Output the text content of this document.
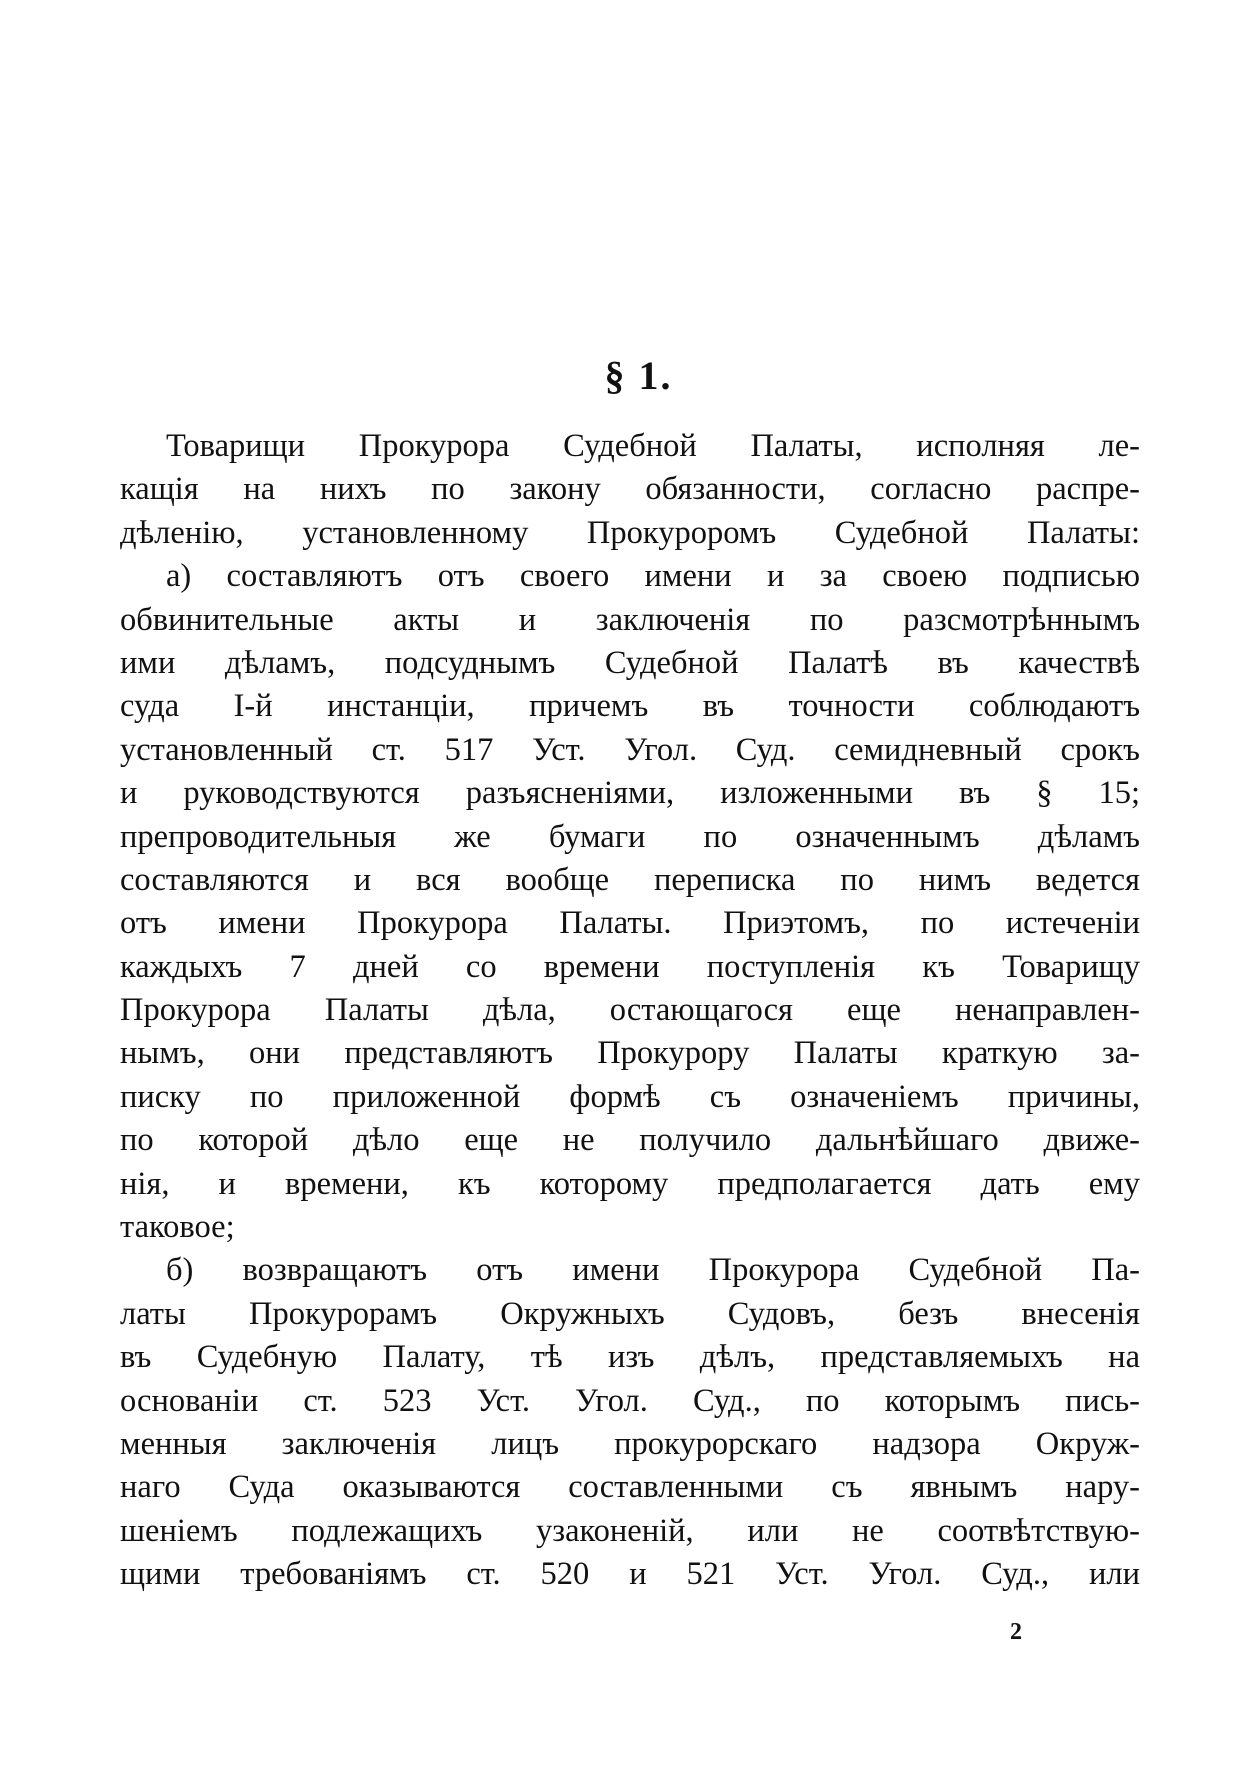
§ 1.
Товарищи Прокурора Судебной Палаты, исполняя ле-
кащія на нихъ по закону обязанности, согласно распре-
дѣленію, установленному Прокуроромъ Судебной Палаты:
а) составляютъ отъ своего имени и за своею подписью
обвинительные акты и заключенія по разсмотрѣннымъ
ими дѣламъ, подсуднымъ Судебной Палатѣ въ качествѣ
суда I-й инстанціи, причемъ въ точности соблюдаютъ
установленный ст. 517 Уст. Угол. Суд. семидневный срокъ
и руководствуются разъясненіями, изложенными въ § 15;
препроводительныя же бумаги по означеннымъ дѣламъ
составляются и вся вообще переписка по нимъ ведется
отъ имени Прокурора Палаты. Приэтомъ, по истеченіи
каждыхъ 7 дней со времени поступленія къ Товарищу
Прокурора Палаты дѣла, остающагося еще ненаправлен-
нымъ, они представляютъ Прокурору Палаты краткую за-
писку по приложенной формѣ съ означеніемъ причины,
по которой дѣло еще не получило дальнѣйшаго движе-
нія, и времени, къ которому предполагается дать ему
таковое;
б) возвращаютъ отъ имени Прокурора Судебной Па-
латы Прокурорамъ Окружныхъ Судовъ, безъ внесенія
въ Судебную Палату, тѣ изъ дѣлъ, представляемыхъ на
основаніи ст. 523 Уст. Угол. Суд., по которымъ пись-
менныя заключенія лицъ прокурорскаго надзора Окруж-
наго Суда оказываются составленными съ явнымъ нару-
шеніемъ подлежащихъ узаконеній, или не соотвѣтствую-
щими требованіямъ ст. 520 и 521 Уст. Угол. Суд., или
2
